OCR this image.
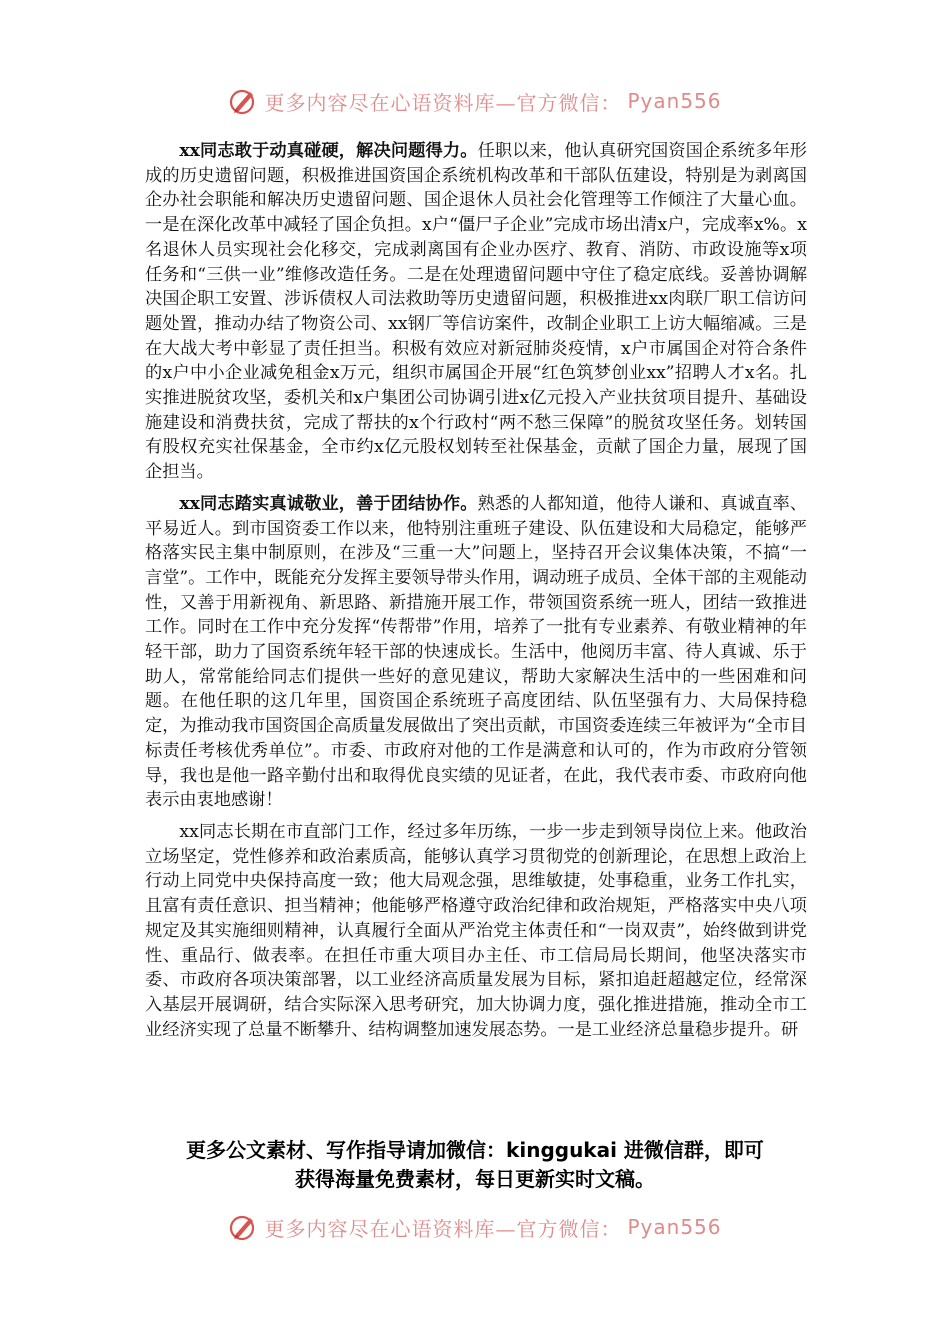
更多内容尽在心语资料库—官方微信： Pyan556

xx同志敢于动真碰硬，解决问题得力。任职以来，他认真研究国资国企系统多年形成的历史遗留问题，积极推进国资国企系统机构改革和干部队伍建设，特别是为剥离国企办社会职能和解决历史遗留问题、国企退休人员社会化管理等工作倾注了大量心血。一是在深化改革中减轻了国企负担。x户“僵尸子企业”完成市场出清x户，完成率x%。x名退休人员实现社会化移交，完成剥离国有企业办医疗、教育、消防、市政设施等x项任务和“三供一业”维修改造任务。二是在处理遗留问题中守住了稳定底线。妥善协调解决国企职工安置、涉诉债权人司法救助等历史遗留问题，积极推进xx肉联厂职工信访问题处置，推动办结了物资公司、xx钢厂等信访案件，改制企业职工上访大幅缩减。三是在大战大考中彰显了责任担当。积极有效应对新冠肺炎疫情，x户市属国企对符合条件的x户中小企业减免租金x万元，组织市属国企开展“红色筑梦创业xx”招聘人才x名。扎实推进脱贫攻坚，委机关和x户集团公司协调引进x亿元投入产业扶贫项目提升、基础设施建设和消费扶贫，完成了帮扶的x个行政村“两不愁三保障”的脱贫攻坚任务。划转国有股权充实社保基金，全市约x亿元股权划转至社保基金，贡献了国企力量，展现了国企担当。

xx同志踏实真诚敬业，善于团结协作。熟悉的人都知道，他待人谦和、真诚直率、平易近人。到市国资委工作以来，他特别注重班子建设、队伍建设和大局稳定，能够严格落实民主集中制原则，在涉及“三重一大”问题上，坚持召开会议集体决策，不搞“一言堂”。工作中，既能充分发挥主要领导带头作用，调动班子成员、全体干部的主观能动性，又善于用新视角、新思路、新措施开展工作，带领国资系统一班人，团结一致推进工作。同时在工作中充分发挥“传帮带”作用，培养了一批有专业素养、有敬业精神的年轻干部，助力了国资系统年轻干部的快速成长。生活中，他阅历丰富、待人真诚、乐于助人，常常能给同志们提供一些好的意见建议，帮助大家解决生活中的一些困难和问题。在他任职的这几年里，国资国企系统班子高度团结、队伍坚强有力、大局保持稳定，为推动我市国资国企高质量发展做出了突出贡献，市国资委连续三年被评为“全市目标责任考核优秀单位”。市委、市政府对他的工作是满意和认可的，作为市政府分管领导，我也是他一路辛勤付出和取得优良实绩的见证者，在此，我代表市委、市政府向他表示由衷地感谢！

xx同志长期在市直部门工作，经过多年历练，一步一步走到领导岗位上来。他政治立场坚定，党性修养和政治素质高，能够认真学习贯彻党的创新理论，在思想上政治上行动上同党中央保持高度一致；他大局观念强，思维敏捷，处事稳重，业务工作扎实，且富有责任意识、担当精神；他能够严格遵守政治纪律和政治规矩，严格落实中央八项规定及其实施细则精神，认真履行全面从严治党主体责任和“一岗双责”，始终做到讲党性、重品行、做表率。在担任市重大项目办主任、市工信局局长期间，他坚决落实市委、市政府各项决策部署，以工业经济高质量发展为目标，紧扣追赶超越定位，经常深入基层开展调研，结合实际深入思考研究，加大协调力度，强化推进措施，推动全市工业经济实现了总量不断攀升、结构调整加速发展态势。一是工业经济总量稳步提升。研

更多公文素材、写作指导请加微信：kinggukai 进微信群，即可
获得海量免费素材，每日更新实时文稿。
更多内容尽在心语资料库—官方微信： Pyan556
